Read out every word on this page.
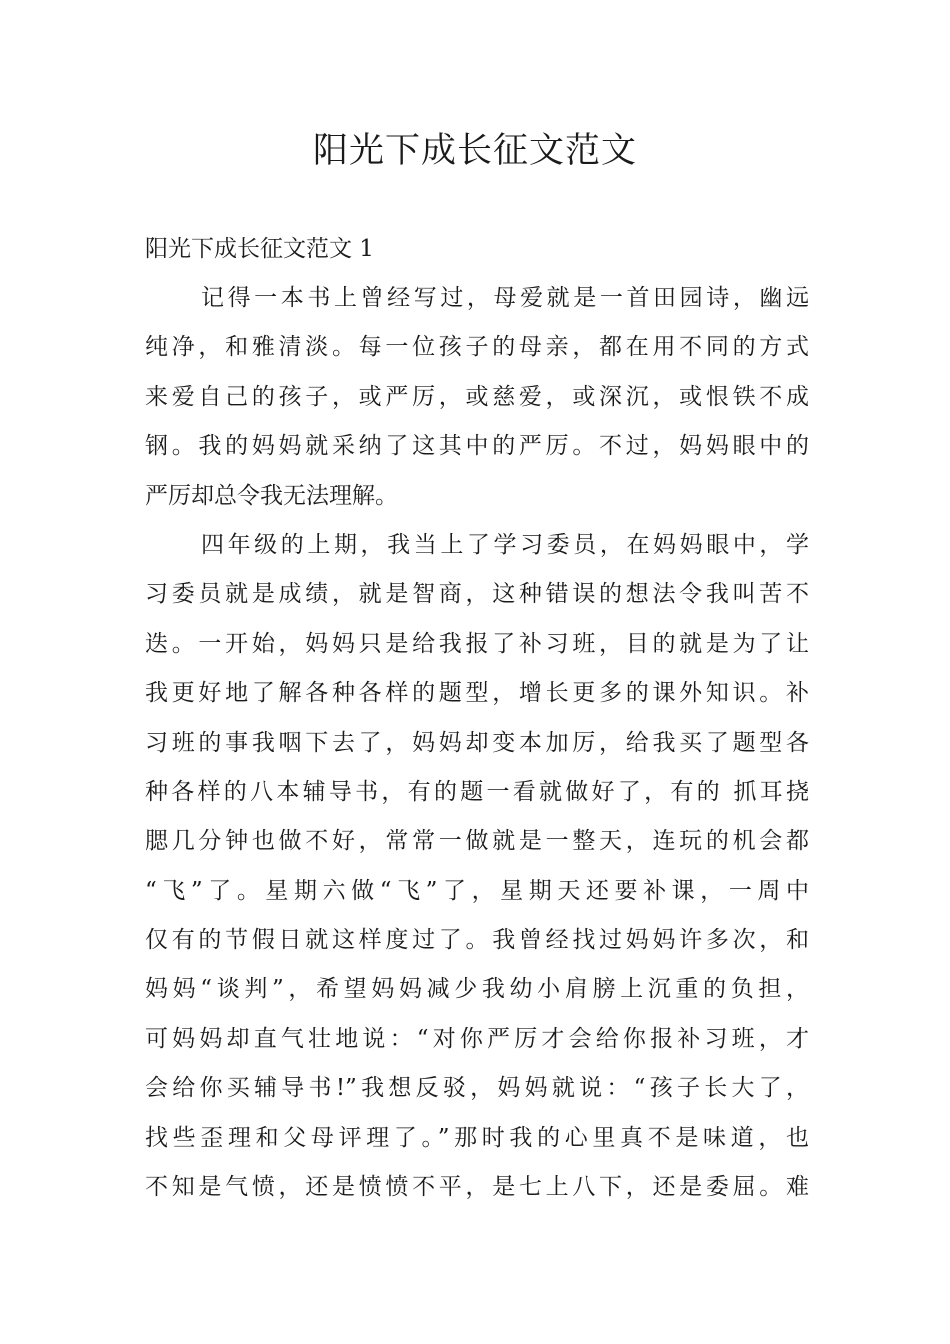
阳光下成长征文范文

阳光下成长征文范文 1

记得一本书上曾经写过，母爱就是一首田园诗，幽远
纯净，和雅清淡。每一位孩子的母亲，都在用不同的方式
来爱自己的孩子，或严厉，或慈爱，或深沉，或恨铁不成
钢。我的妈妈就采纳了这其中的严厉。不过，妈妈眼中的
严厉却总令我无法理解。

四年级的上期，我当上了学习委员，在妈妈眼中，学
习委员就是成绩，就是智商，这种错误的想法令我叫苦不
迭。一开始，妈妈只是给我报了补习班，目的就是为了让
我更好地了解各种各样的题型，增长更多的课外知识。补
习班的事我咽下去了，妈妈却变本加厉，给我买了题型各
种各样的八本辅导书，有的题一看就做好了，有的 抓耳挠
腮几分钟也做不好，常常一做就是一整天，连玩的机会都
“飞”了。星期六做“飞”了，星期天还要补课，一周中
仅有的节假日就这样度过了。我曾经找过妈妈许多次，和
妈妈“谈判”，希望妈妈减少我幼小肩膀上沉重的负担，
可妈妈却直气壮地说：“对你严厉才会给你报补习班，才
会给你买辅导书!”我想反驳，妈妈就说：“孩子长大了，
找些歪理和父母评理了。”那时我的心里真不是味道，也
不知是气愤，还是愤愤不平，是七上八下，还是委屈。难
